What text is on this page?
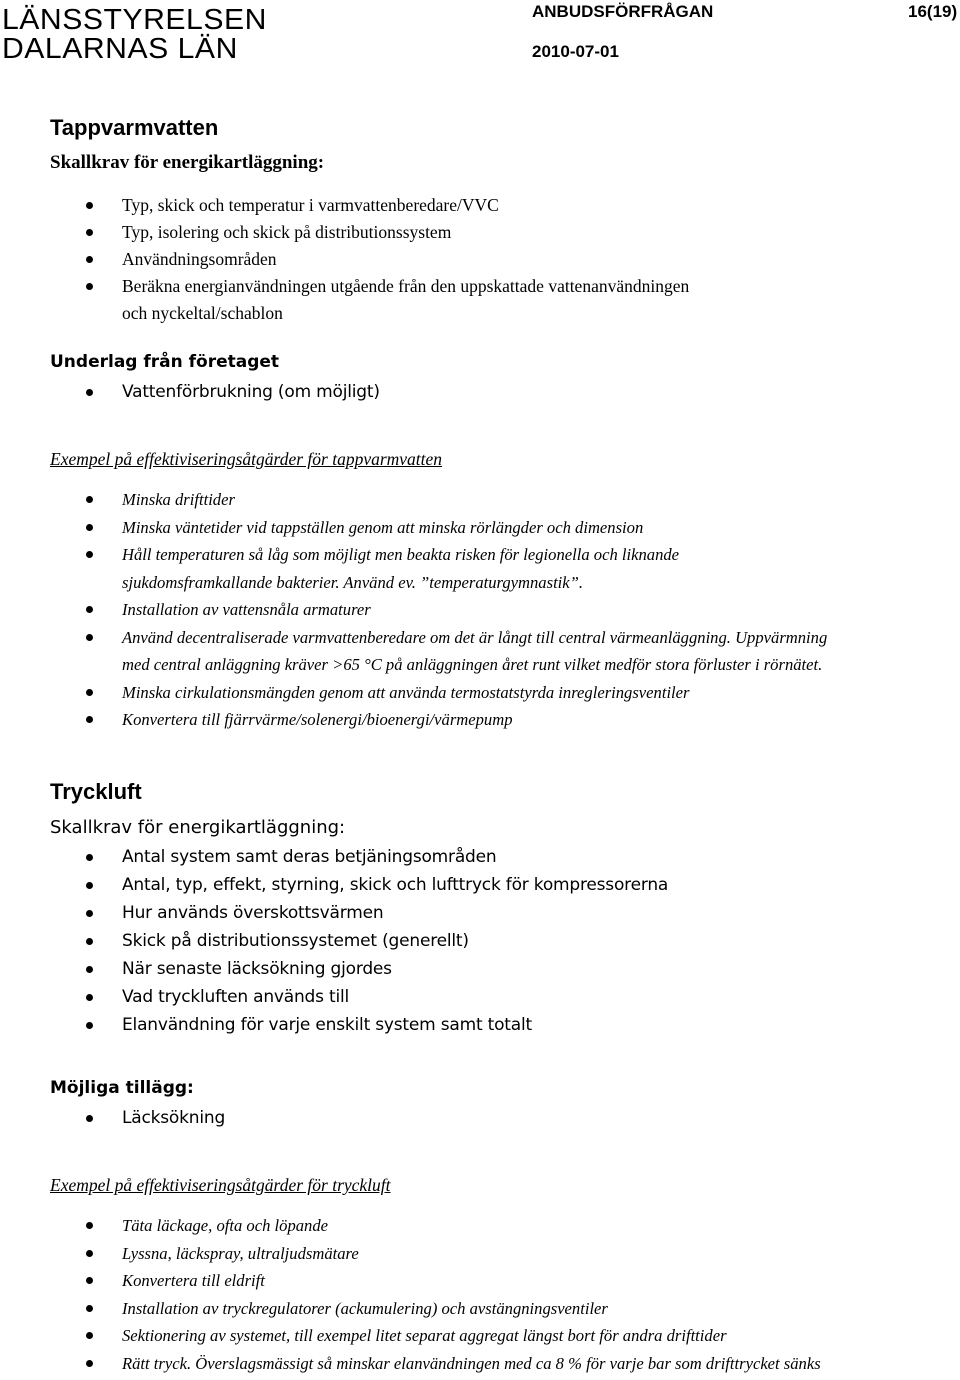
LÄNSSTYRELSEN
DALARNAS LÄN
ANBUDSFÖRFRÅGAN	16(19)
2010-07-01
Tappvarmvatten
Skallkrav för energikartläggning:
Typ, skick och temperatur i varmvattenberedare/VVC
Typ, isolering och skick på distributionssystem
Användningsområden
Beräkna energianvändningen utgående från den uppskattade vattenanvändningen
och nyckeltal/schablon
Underlag från företaget
Vattenförbrukning (om möjligt)
Exempel på effektiviseringsåtgärder för tappvarmvatten
Minska drifttider
Minska väntetider vid tappställen genom att minska rörlängder och dimension
Håll temperaturen så låg som möjligt men beakta risken för legionella och liknande
sjukdomsframkallande bakterier. Använd ev. ”temperaturgymnastik”.
Installation av vattensnåla armaturer
Använd decentraliserade varmvattenberedare om det är långt till central värmeanläggning. Uppvärmning
med central anläggning kräver >65 °C på anläggningen året runt vilket medför stora förluster i rörnätet.
Minska cirkulationsmängden genom att använda termostatstyrda inregleringsventiler
Konvertera till fjärrvärme/solenergi/bioenergi/värmepump
Tryckluft
Skallkrav för energikartläggning:
Antal system samt deras betjäningsområden
Antal, typ, effekt, styrning, skick och lufttryck för kompressorerna
Hur används överskottsvärmen
Skick på distributionssystemet (generellt)
När senaste läcksökning gjordes
Vad tryckluften används till
Elanvändning för varje enskilt system samt totalt
Möjliga tillägg:
Läcksökning
Exempel på effektiviseringsåtgärder för tryckluft
Täta läckage, ofta och löpande
Lyssna, läckspray, ultraljudsmätare
Konvertera till eldrift
Installation av tryckregulatorer (ackumulering) och avstängningsventiler
Sektionering av systemet, till exempel litet separat aggregat längst bort för andra drifttider
Rätt tryck. Överslagsmässigt så minskar elanvändningen med ca 8 % för varje bar som drifttrycket sänks
